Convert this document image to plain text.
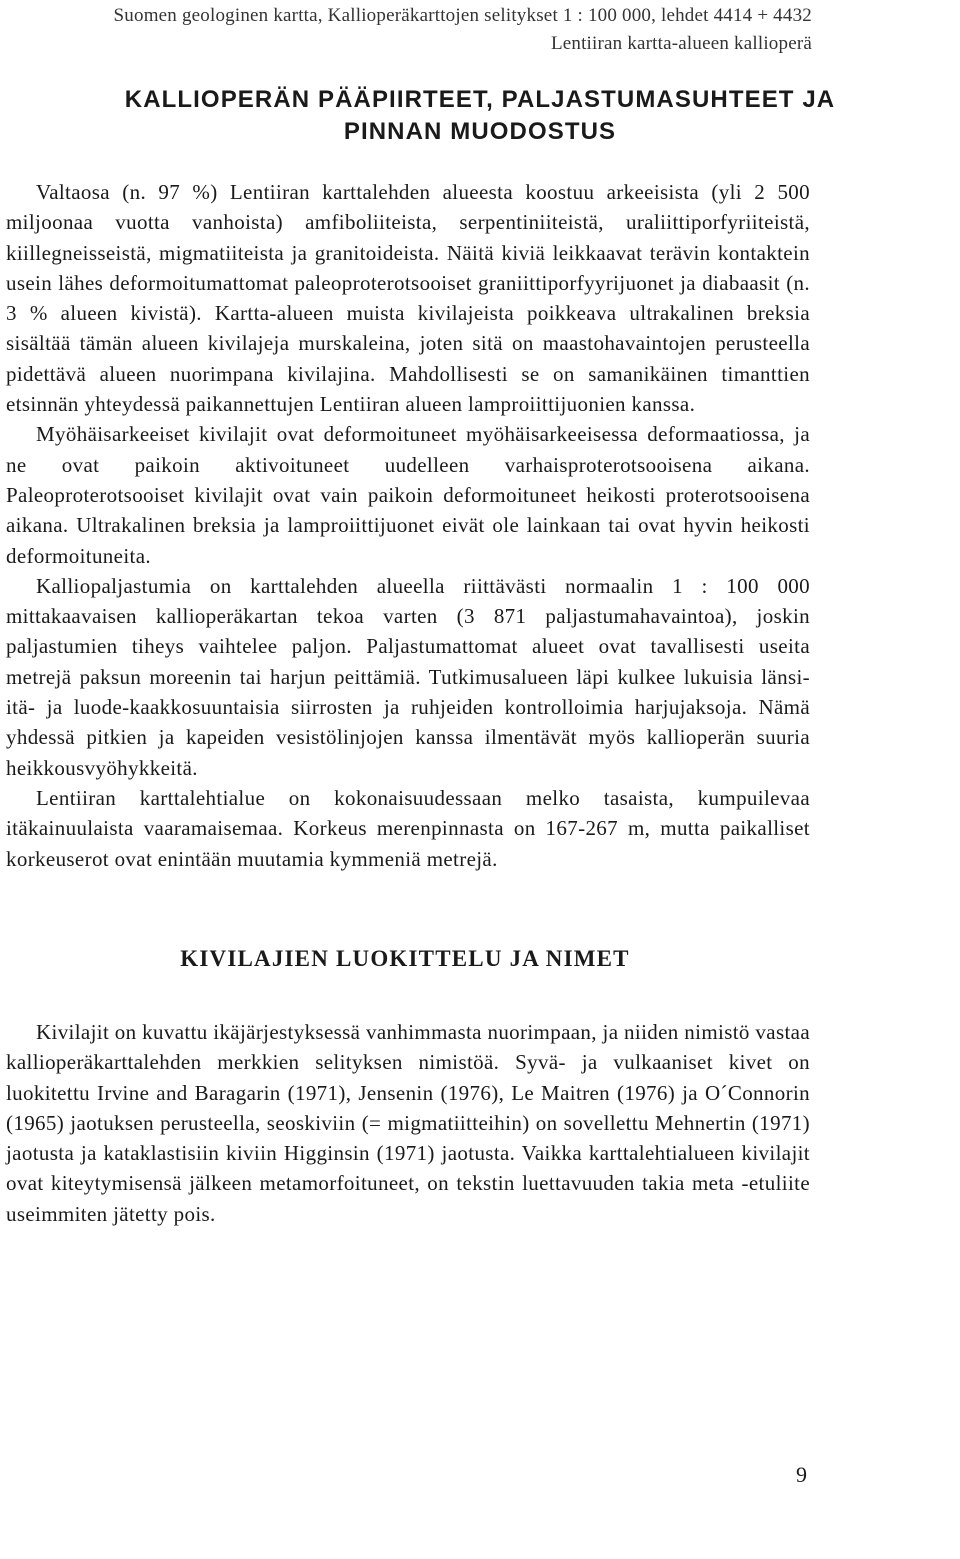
Suomen geologinen kartta, Kallioperäkarttojen selitykset 1 : 100 000, lehdet 4414 + 4432
Lentiiran kartta-alueen kallioperä
KALLIOPERÄN PÄÄPIIRTEET, PALJASTUMASUHTEET JA
PINNAN MUODOSTUS

Valtaosa (n. 97 %) Lentiiran karttalehden alueesta koostuu arkeeisista (yli 2 500 miljoonaa vuotta vanhoista) amfiboliiteista, serpentiniiteistä, uraliittiporfyriiteistä, kiillegneisseistä, migmatiiteista ja granitoideista. Näitä kiviä leikkaavat terävin kontaktein usein lähes deformoitumattomat paleoproterotsooiset graniittiporfyyrijuonet ja diabaasit (n. 3 % alueen kivistä). Kartta-alueen muista kivilajeista poikkeava ultrakalinen breksia sisältää tämän alueen kivilajeja murskaleina, joten sitä on maastohavaintojen perusteella pidettävä alueen nuorimpana kivilajina. Mahdollisesti se on samanikäinen timanttien etsinnän yhteydessä paikannettujen Lentiiran alueen lamproiittijuonien kanssa.

Myöhäisarkeeiset kivilajit ovat deformoituneet myöhäisarkeeisessa deformaatiossa, ja ne ovat paikoin aktivoituneet uudelleen varhaisproterotsooisena aikana. Paleoproterotsooiset kivilajit ovat vain paikoin deformoituneet heikosti proterotsooisena aikana. Ultrakalinen breksia ja lamproiittijuonet eivät ole lainkaan tai ovat hyvin heikosti deformoituneita.

Kalliopaljastumia on karttalehden alueella riittävästi normaalin 1 : 100 000 mittakaavaisen kallioperäkartan tekoa varten (3 871 paljastumahavaintoa), joskin paljastumien tiheys vaihtelee paljon. Paljastumattomat alueet ovat tavallisesti useita metrejä paksun moreenin tai harjun peittämiä. Tutkimusalueen läpi kulkee lukuisia länsi-itä- ja luode-kaakkosuuntaisia siirrosten ja ruhjeiden kontrolloimia harjujaksoja. Nämä yhdessä pitkien ja kapeiden vesistölinjojen kanssa ilmentävät myös kallioperän suuria heikkousvyöhykkeitä.

Lentiiran karttalehtialue on kokonaisuudessaan melko tasaista, kumpuilevaa itäkainuulaista vaaramaisemaa. Korkeus merenpinnasta on 167-267 m, mutta paikalliset korkeuserot ovat enintään muutamia kymmeniä metrejä.

KIVILAJIEN LUOKITTELU JA NIMET

Kivilajit on kuvattu ikäjärjestyksessä vanhimmasta nuorimpaan, ja niiden nimistö vastaa kallioperäkarttalehden merkkien selityksen nimistöä. Syvä- ja vulkaaniset kivet on luokitettu Irvine and Baragarin (1971), Jensenin (1976), Le Maitren (1976) ja O´Connorin (1965) jaotuksen perusteella, seoskiviin (= migmatiitteihin) on sovellettu Mehnertin (1971) jaotusta ja kataklastisiin kiviin Higginsin (1971) jaotusta. Vaikka karttalehtialueen kivilajit ovat kiteytymisensä jälkeen metamorfoituneet, on tekstin luettavuuden takia meta -etuliite useimmiten jätetty pois.

9
